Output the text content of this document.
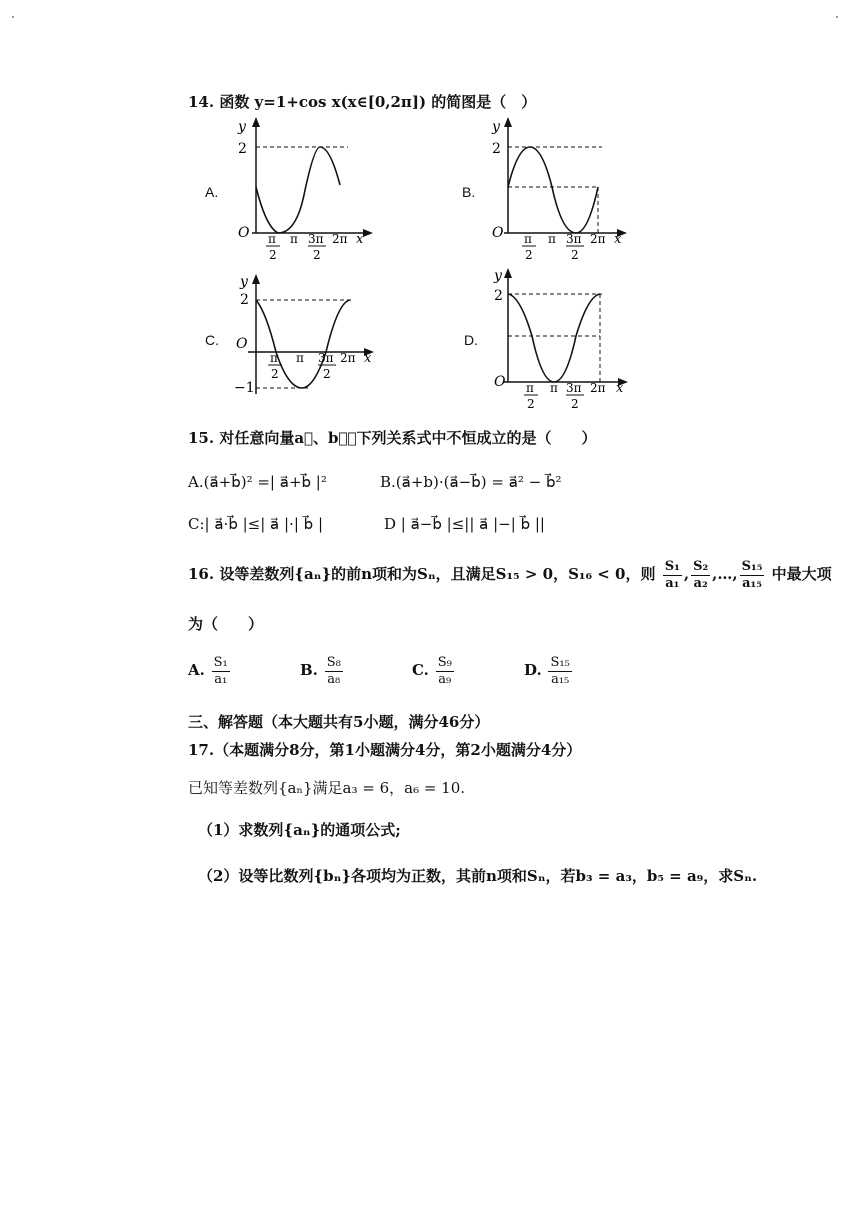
14. 函数 y=1+cos x(x∈[0,2π]) 的简图是（　）
A.
y
2
O π
2
π 3π
2
2π x
B.
y
2
O π
2
π 3π
2
2π x
C.
y
2
O
−1
π
2
π 3π
2
2π x
D.
y
2
O π
2
π 3π
2
2π x
15. 对任意向量a⃗、b⃗，下列关系式中不恒成立的是（　　）
A.(a⃗+b⃗)² =| a⃗+b⃗ |²	B.(a⃗+b)·(a⃗−b⃗) = a⃗² − b⃗²
C:| a⃗·b⃗ |≤| a⃗ |·| b⃗ |	D | a⃗−b⃗ |≤|| a⃗ |−| b⃗ ||
16. 设等差数列{aₙ}的前n项和为Sₙ，且满足S₁₅ > 0，S₁₆ < 0，则 $\frac{\text{S₁}}{\text{a₁}}$ , $\frac{\text{S₂}}{\text{a₂}}$ ,…, $\frac{\text{S₁₅}}{\text{a₁₅}}$ 中最大项
为（　　）
A. $\frac{\text{S₁}}{\text{a₁}}$	B. $\frac{\text{S₈}}{\text{a₈}}$	C. $\frac{\text{S₉}}{\text{a₉}}$	D. $\frac{\text{S₁₅}}{\text{a₁₅}}$
三、解答题（本大题共有5小题，满分46分）
17.（本题满分8分，第1小题满分4分，第2小题满分4分）
已知等差数列{aₙ}满足a₃ = 6，a₆ = 10.
（1）求数列{aₙ}的通项公式;
（2）设等比数列{bₙ}各项均为正数，其前n项和Sₙ，若b₃ = a₃，b₅ = a₉，求Sₙ.
